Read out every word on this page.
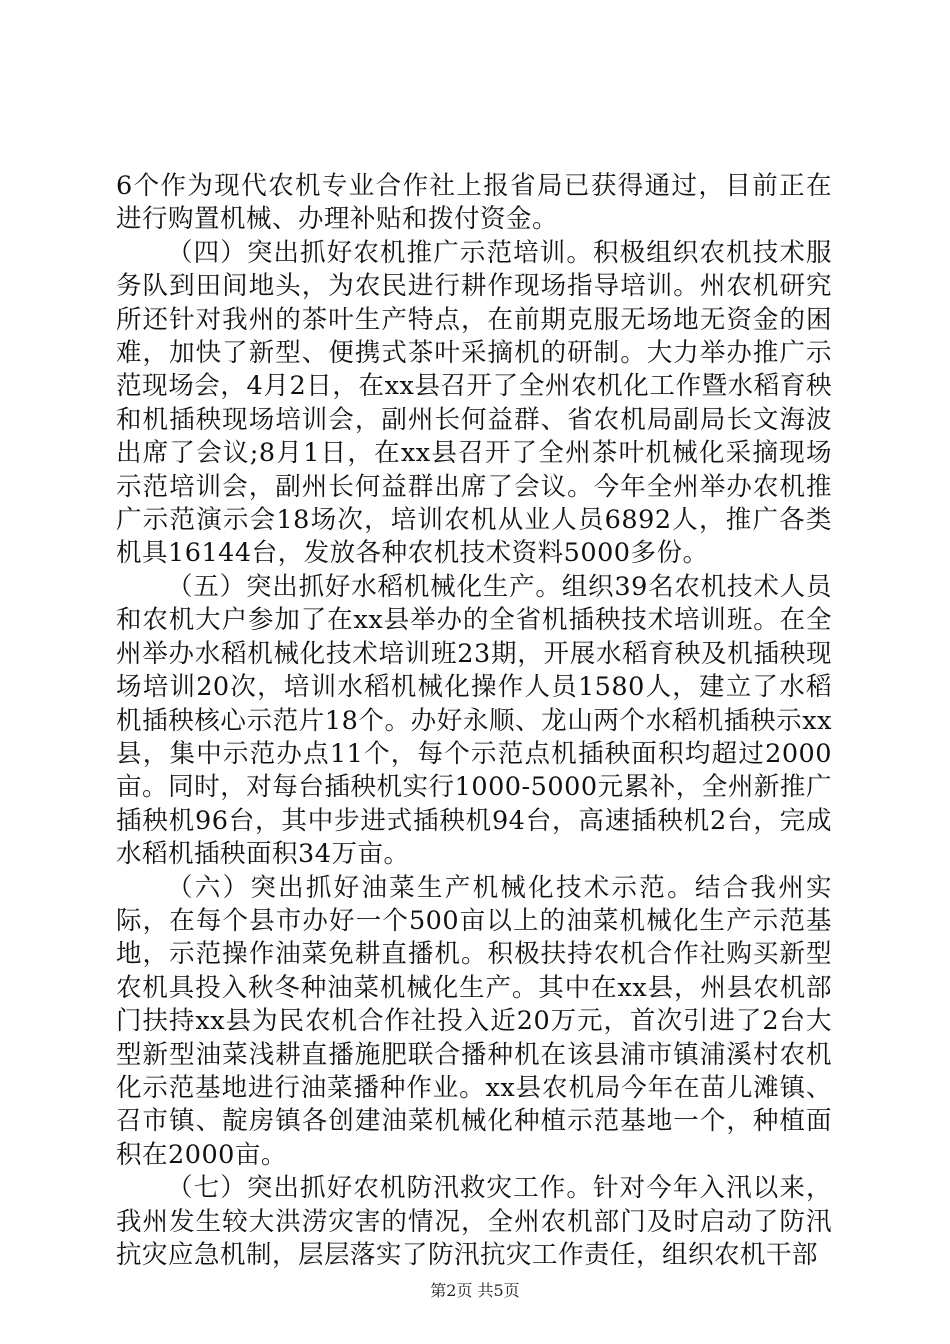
6个作为现代农机专业合作社上报省局已获得通过，目前正在进行购置机械、办理补贴和拨付资金。

（四）突出抓好农机推广示范培训。积极组织农机技术服务队到田间地头，为农民进行耕作现场指导培训。州农机研究所还针对我州的茶叶生产特点，在前期克服无场地无资金的困难，加快了新型、便携式茶叶采摘机的研制。大力举办推广示范现场会，4月2日，在xx县召开了全州农机化工作暨水稻育秧和机插秧现场培训会，副州长何益群、省农机局副局长文海波出席了会议;8月1日，在xx县召开了全州茶叶机械化采摘现场示范培训会，副州长何益群出席了会议。今年全州举办农机推广示范演示会18场次，培训农机从业人员6892人，推广各类机具16144台，发放各种农机技术资料5000多份。

（五）突出抓好水稻机械化生产。组织39名农机技术人员和农机大户参加了在xx县举办的全省机插秧技术培训班。在全州举办水稻机械化技术培训班23期，开展水稻育秧及机插秧现场培训20次，培训水稻机械化操作人员1580人，建立了水稻机插秧核心示范片18个。办好永顺、龙山两个水稻机插秧示xx县，集中示范办点11个，每个示范点机插秧面积均超过2000亩。同时，对每台插秧机实行1000-5000元累补，全州新推广插秧机96台，其中步进式插秧机94台，高速插秧机2台，完成水稻机插秧面积34万亩。

（六）突出抓好油菜生产机械化技术示范。结合我州实际，在每个县市办好一个500亩以上的油菜机械化生产示范基地，示范操作油菜免耕直播机。积极扶持农机合作社购买新型农机具投入秋冬种油菜机械化生产。其中在xx县，州县农机部门扶持xx县为民农机合作社投入近20万元，首次引进了2台大型新型油菜浅耕直播施肥联合播种机在该县浦市镇浦溪村农机化示范基地进行油菜播种作业。xx县农机局今年在苗儿滩镇、召市镇、靛房镇各创建油菜机械化种植示范基地一个，种植面积在2000亩。

（七）突出抓好农机防汛救灾工作。针对今年入汛以来，我州发生较大洪涝灾害的情况，全州农机部门及时启动了防汛抗灾应急机制，层层落实了防汛抗灾工作责任，组织农机干部

第2页 共5页
